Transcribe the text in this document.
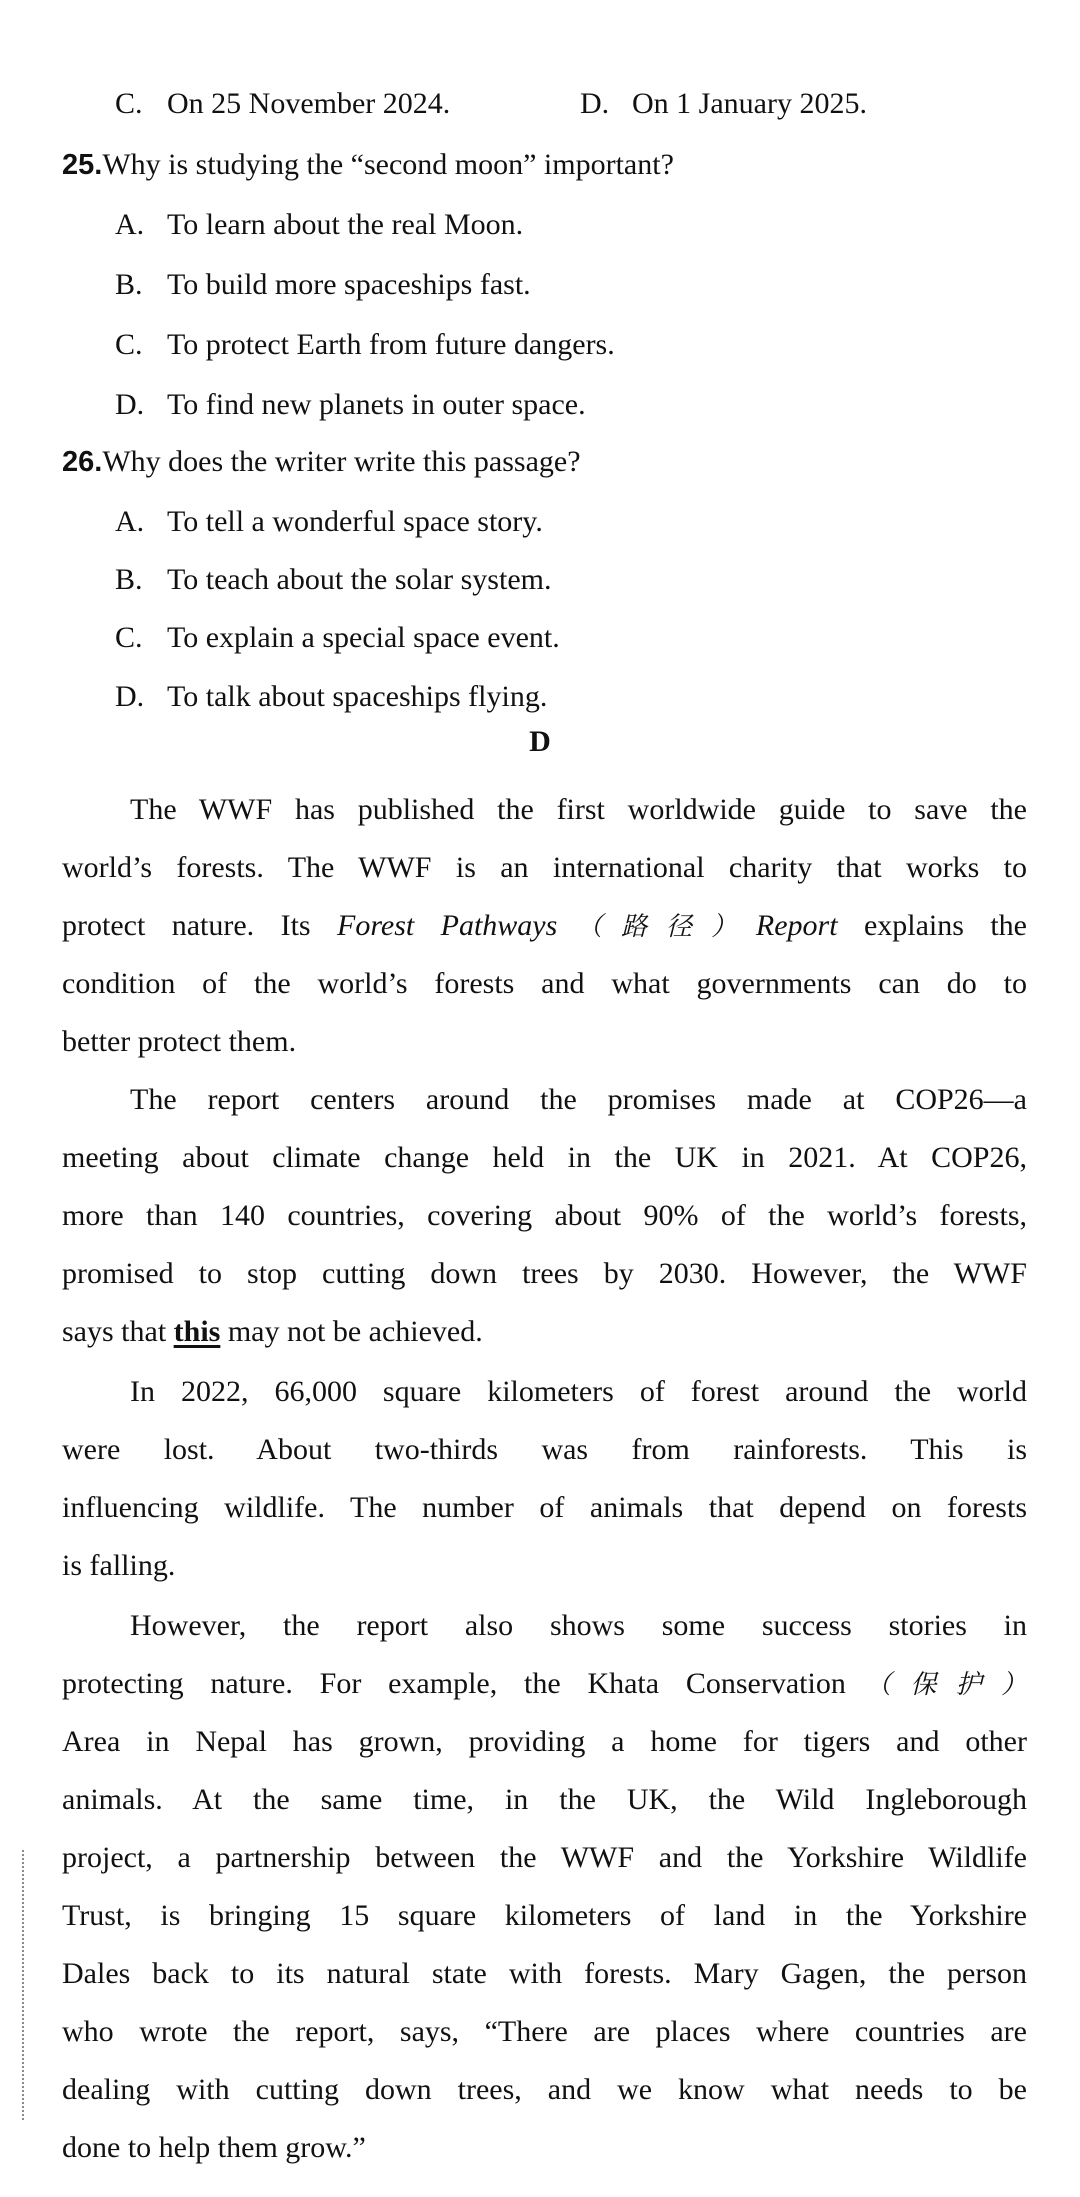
C. On 25 November 2024.	D. On 1 January 2025.
25.Why is studying the “second moon” important?
A. To learn about the real Moon.
B. To build more spaceships fast.
C. To protect Earth from future dangers.
D. To find new planets in outer space.
26.Why does the writer write this passage?
A. To tell a wonderful space story.
B. To teach about the solar system.
C. To explain a special space event.
D. To talk about spaceships flying.
D
The WWF has published the first worldwide guide to save the
world’s forests. The WWF is an international charity that works to
protect nature. Its Forest Pathways（路径）Report explains the
condition of the world’s forests and what governments can do to
better protect them.
The report centers around the promises made at COP26—a
meeting about climate change held in the UK in 2021. At COP26,
more than 140 countries, covering about 90% of the world’s forests,
promised to stop cutting down trees by 2030. However, the WWF
says that this may not be achieved.
In 2022, 66,000 square kilometers of forest around the world
were lost. About two-thirds was from rainforests. This is
influencing wildlife. The number of animals that depend on forests
is falling.
However, the report also shows some success stories in
protecting nature. For example, the Khata Conservation（保护）
Area in Nepal has grown, providing a home for tigers and other
animals. At the same time, in the UK, the Wild Ingleborough
project, a partnership between the WWF and the Yorkshire Wildlife
Trust, is bringing 15 square kilometers of land in the Yorkshire
Dales back to its natural state with forests. Mary Gagen, the person
who wrote the report, says, “There are places where countries are
dealing with cutting down trees, and we know what needs to be
done to help them grow.”
